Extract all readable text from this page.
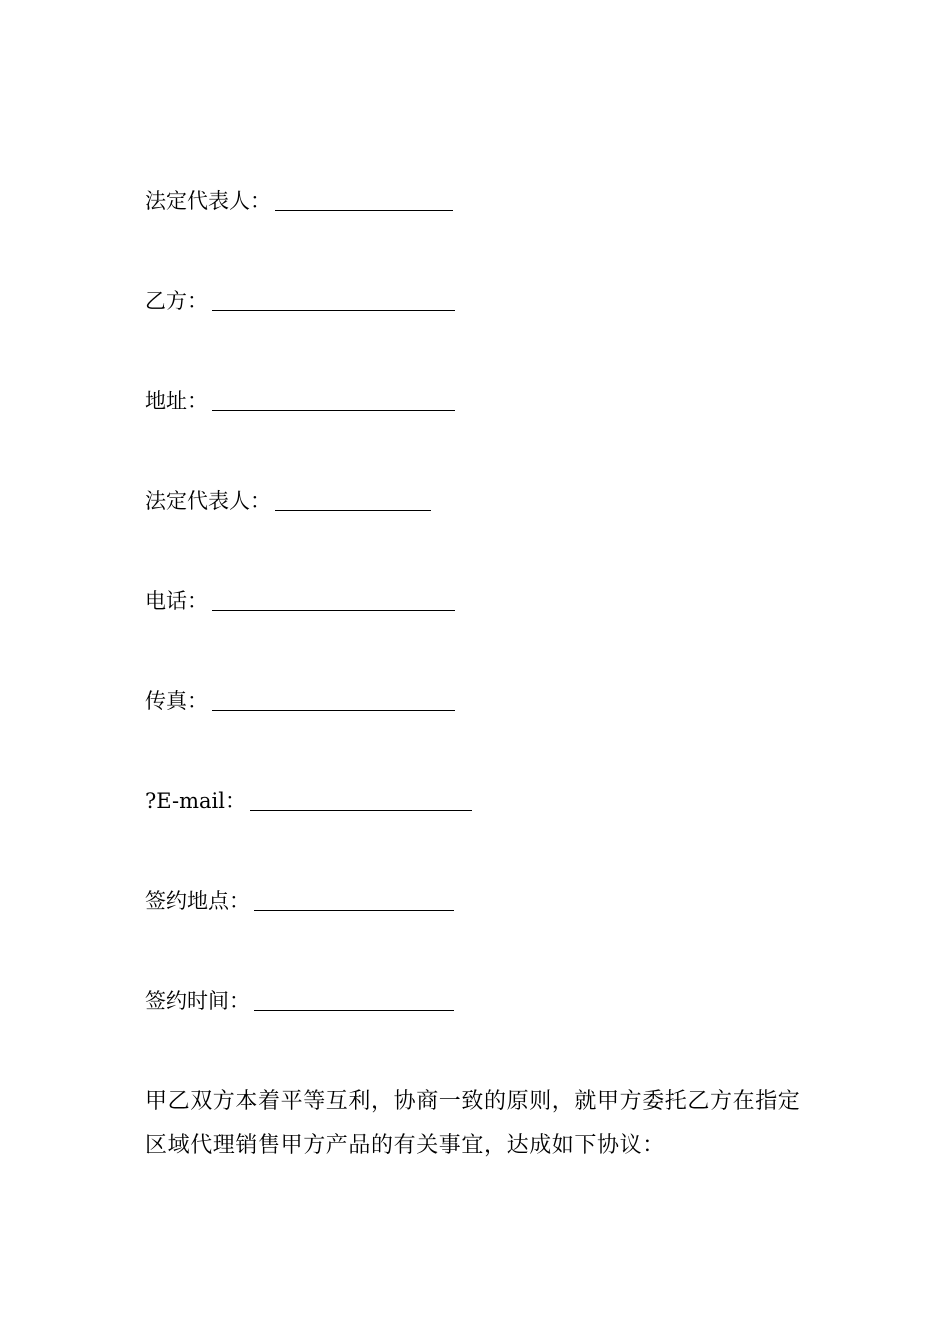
法定代表人：
乙方：
地址：
法定代表人：
电话：
传真：
?E-mail：
签约地点：
签约时间：
甲乙双方本着平等互利，协商一致的原则，就甲方委托乙方在指定
区域代理销售甲方产品的有关事宜，达成如下协议：
